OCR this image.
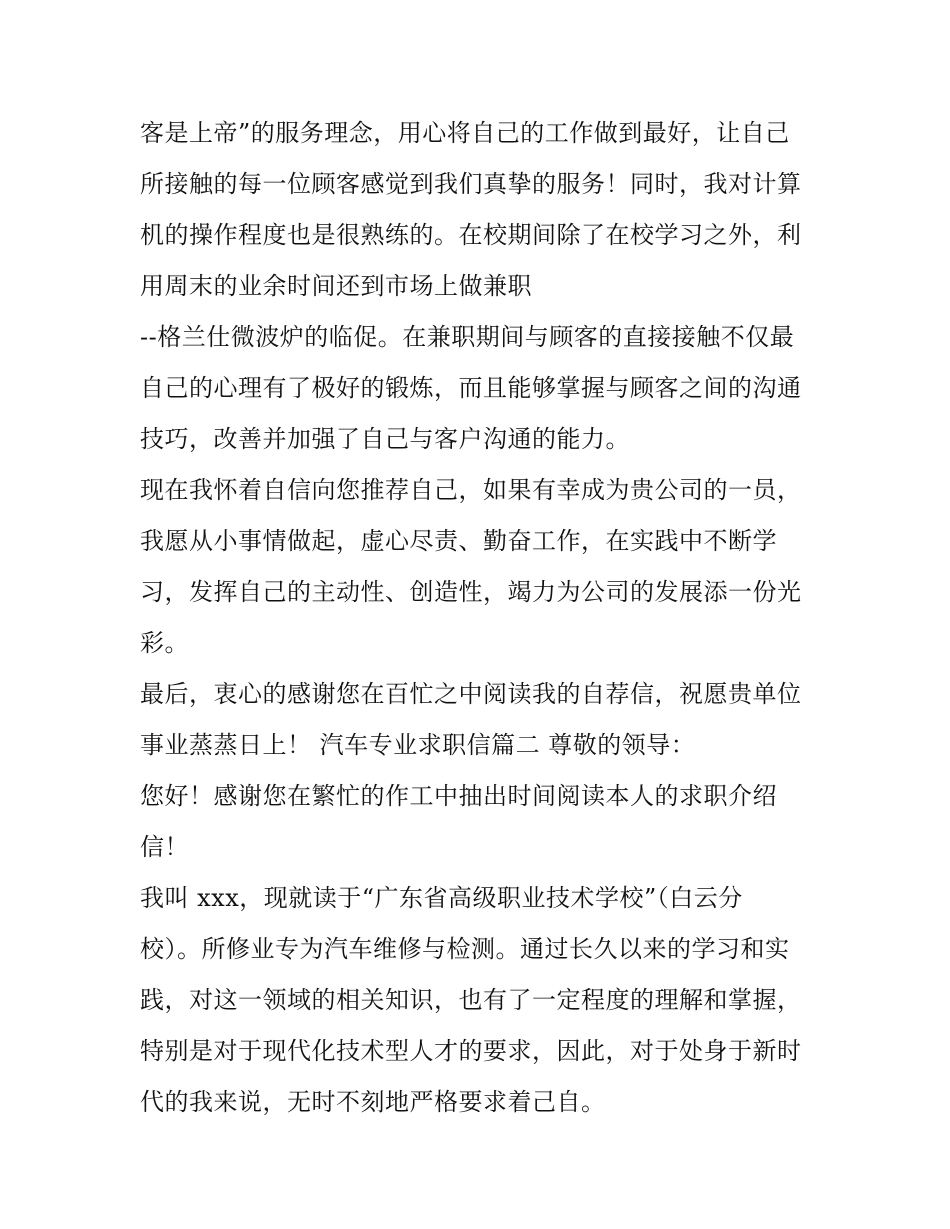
客是上帝”的服务理念，用心将自己的工作做到最好，让自己
所接触的每一位顾客感觉到我们真挚的服务！同时，我对计算
机的操作程度也是很熟练的。在校期间除了在校学习之外，利
用周末的业余时间还到市场上做兼职
--格兰仕微波炉的临促。在兼职期间与顾客的直接接触不仅最
自己的心理有了极好的锻炼，而且能够掌握与顾客之间的沟通
技巧，改善并加强了自己与客户沟通的能力。
现在我怀着自信向您推荐自己，如果有幸成为贵公司的一员，
我愿从小事情做起，虚心尽责、勤奋工作，在实践中不断学
习，发挥自己的主动性、创造性，竭力为公司的发展添一份光
彩。
最后，衷心的感谢您在百忙之中阅读我的自荐信，祝愿贵单位
事业蒸蒸日上！ 汽车专业求职信篇二 尊敬的领导：
您好！感谢您在繁忙的作工中抽出时间阅读本人的求职介绍
信！
我叫 xxx，现就读于“广东省高级职业技术学校”（白云分
校）。所修业专为汽车维修与检测。通过长久以来的学习和实
践，对这一领域的相关知识，也有了一定程度的理解和掌握，
特别是对于现代化技术型人才的要求，因此，对于处身于新时
代的我来说，无时不刻地严格要求着己自。
